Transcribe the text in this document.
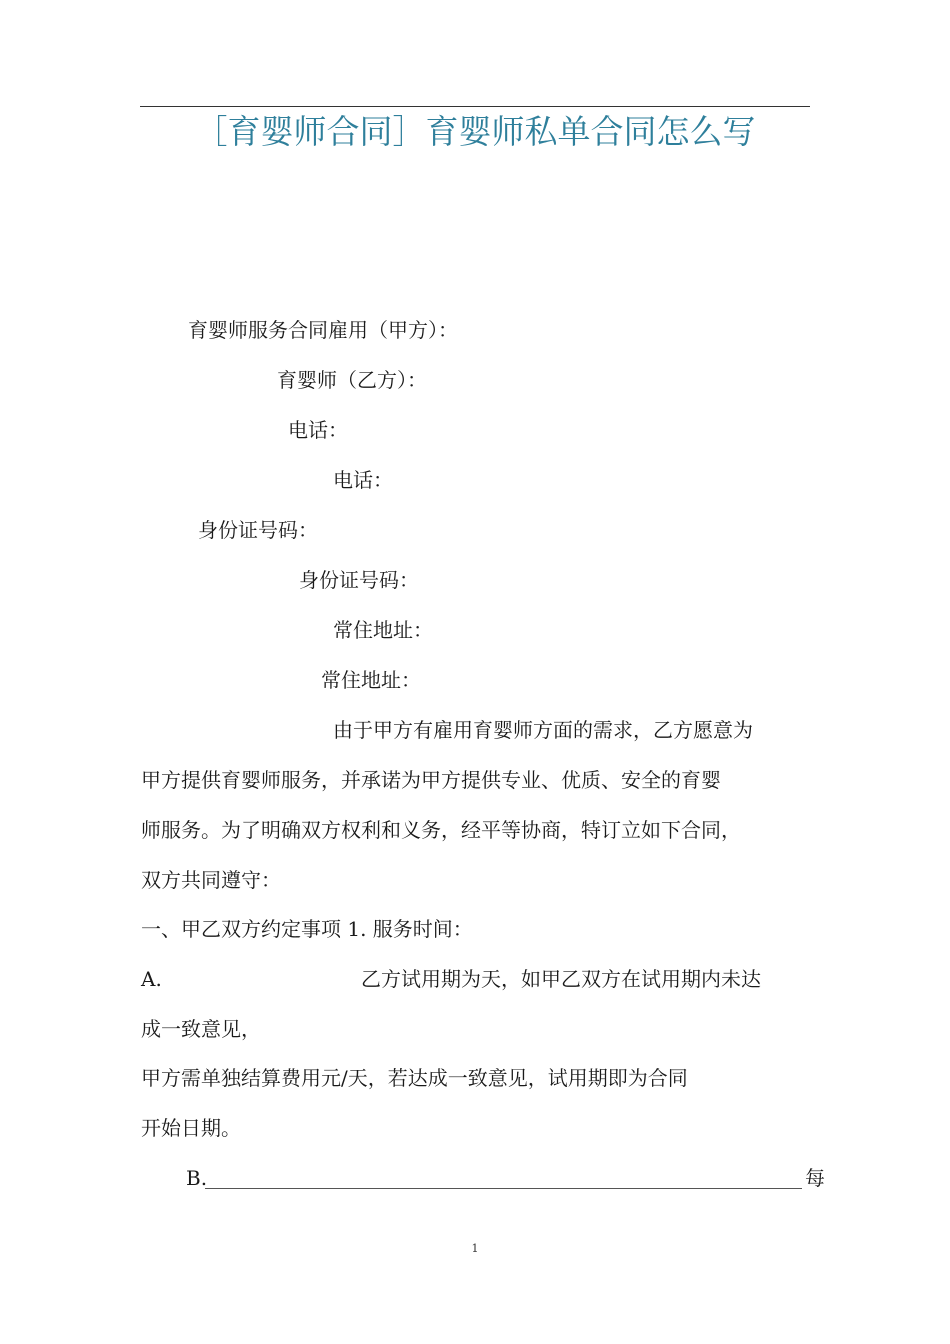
［育婴师合同］育婴师私单合同怎么写
育婴师服务合同雇用（甲方）：
育婴师（乙方）：
电话：
电话：
身份证号码：
身份证号码：
常住地址：
常住地址：
由于甲方有雇用育婴师方面的需求，乙方愿意为
甲方提供育婴师服务，并承诺为甲方提供专业、优质、安全的育婴
师服务。为了明确双方权利和义务，经平等协商，特订立如下合同，
双方共同遵守：
一、甲乙双方约定事项 1. 服务时间：
A.	乙方试用期为天，如甲乙双方在试用期内未达
成一致意见，
甲方需单独结算费用元/天，若达成一致意见，试用期即为合同
开始日期。
B.	每
1
